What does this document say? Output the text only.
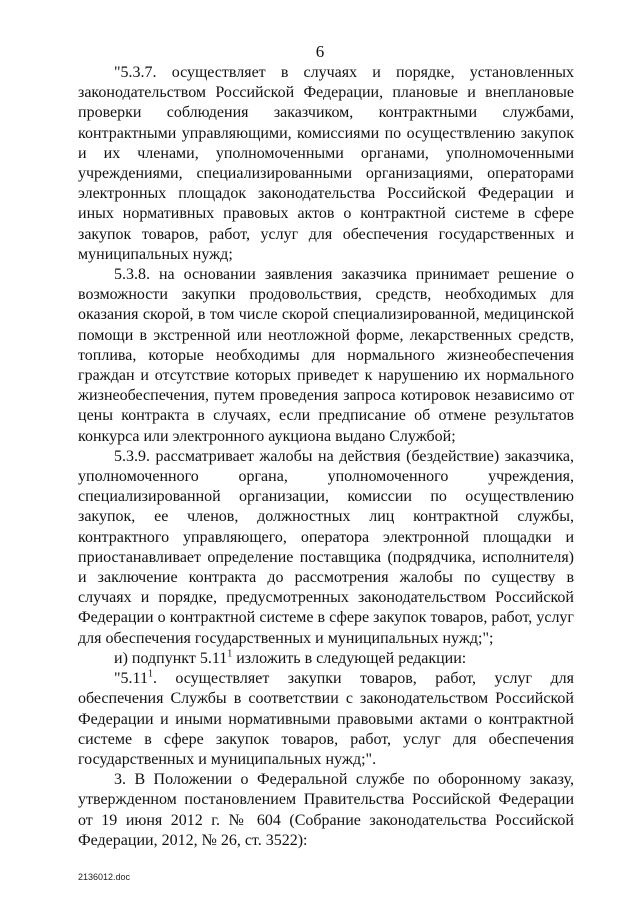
6

"5.3.7. осуществляет в случаях и порядке, установленных законодательством Российской Федерации, плановые и внеплановые проверки соблюдения заказчиком, контрактными службами, контрактными управляющими, комиссиями по осуществлению закупок и их членами, уполномоченными органами, уполномоченными учреждениями, специализированными организациями, операторами электронных площадок законодательства Российской Федерации и иных нормативных правовых актов о контрактной системе в сфере закупок товаров, работ, услуг для обеспечения государственных и муниципальных нужд;

5.3.8. на основании заявления заказчика принимает решение о возможности закупки продовольствия, средств, необходимых для оказания скорой, в том числе скорой специализированной, медицинской помощи в экстренной или неотложной форме, лекарственных средств, топлива, которые необходимы для нормального жизнеобеспечения граждан и отсутствие которых приведет к нарушению их нормального жизнеобеспечения, путем проведения запроса котировок независимо от цены контракта в случаях, если предписание об отмене результатов конкурса или электронного аукциона выдано Службой;

5.3.9. рассматривает жалобы на действия (бездействие) заказчика, уполномоченного органа, уполномоченного учреждения, специализированной организации, комиссии по осуществлению закупок, ее членов, должностных лиц контрактной службы, контрактного управляющего, оператора электронной площадки и приостанавливает определение поставщика (подрядчика, исполнителя) и заключение контракта до рассмотрения жалобы по существу в случаях и порядке, предусмотренных законодательством Российской Федерации о контрактной системе в сфере закупок товаров, работ, услуг для обеспечения государственных и муниципальных нужд;";

и) подпункт 5.11$^1$ изложить в следующей редакции:

"5.11$^1$. осуществляет закупки товаров, работ, услуг для обеспечения Службы в соответствии с законодательством Российской Федерации и иными нормативными правовыми актами о контрактной системе в сфере закупок товаров, работ, услуг для обеспечения государственных и муниципальных нужд;".

3. В Положении о Федеральной службе по оборонному заказу, утвержденном постановлением Правительства Российской Федерации от 19 июня 2012 г. № 604 (Собрание законодательства Российской Федерации, 2012, № 26, ст. 3522):

2136012.doc
